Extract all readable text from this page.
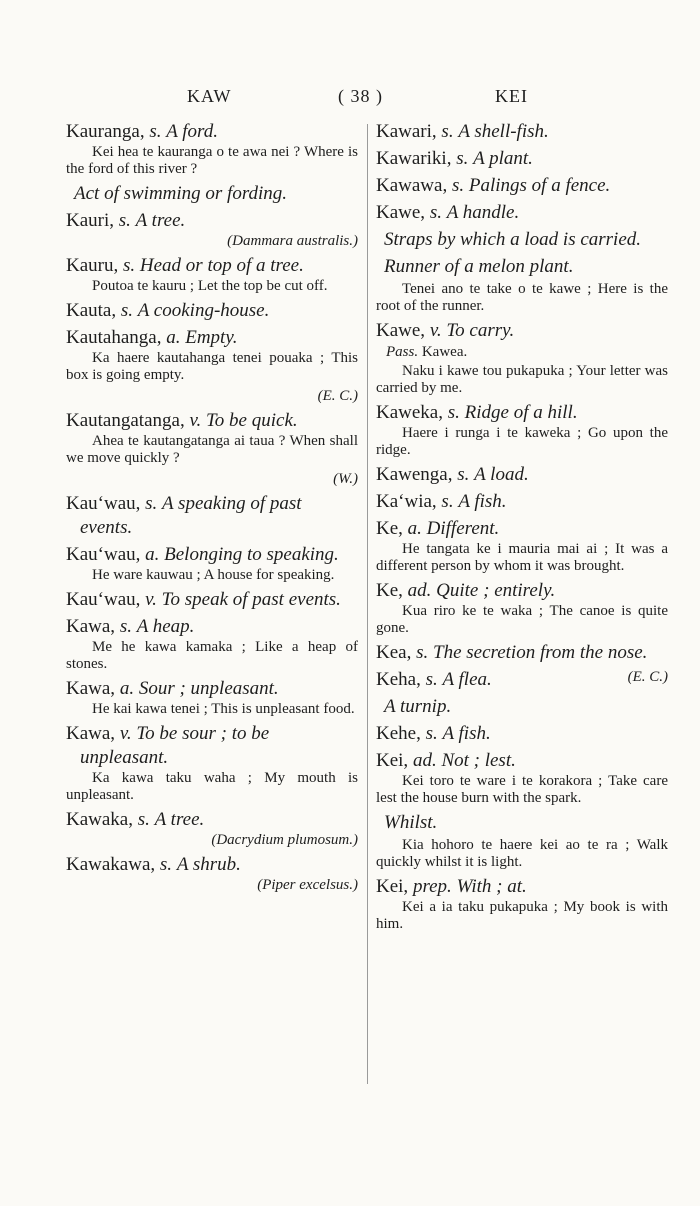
KAW	( 38 )	KEI

Kauranga, s. A ford.

Kei hea te kauranga o te awa nei ? Where is the ford of this river ?

Act of swimming or fording.

Kauri, s. A tree.

(Dammara australis.)

Kauru, s. Head or top of a tree.

Poutoa te kauru ; Let the top be cut off.

Kauta, s. A cooking-house.

Kautahanga, a. Empty.

Ka haere kautahanga tenei pouaka ; This box is going empty.

(E. C.)

Kautangatanga, v. To be quick.

Ahea te kautangatanga ai taua ? When shall we move quickly ?

(W.)

Kau‘wau, s. A speaking of past events.

Kau‘wau, a. Belonging to speaking.

He ware kauwau ; A house for speaking.

Kau‘wau, v. To speak of past events.

Kawa, s. A heap.

Me he kawa kamaka ; Like a heap of stones.

Kawa, a. Sour ; unpleasant.

He kai kawa tenei ; This is unpleasant food.

Kawa, v. To be sour ; to be unpleasant.

Ka kawa taku waha ; My mouth is unpleasant.

Kawaka, s. A tree.

(Dacrydium plumosum.)

Kawakawa, s. A shrub.

(Piper excelsus.)

Kawari, s. A shell-fish.

Kawariki, s. A plant.

Kawawa, s. Palings of a fence.

Kawe, s. A handle.

Straps by which a load is carried.

Runner of a melon plant.

Tenei ano te take o te kawe ; Here is the root of the runner.

Kawe, v. To carry.

Pass. Kawea.

Naku i kawe tou pukapuka ; Your letter was carried by me.

Kaweka, s. Ridge of a hill.

Haere i runga i te kaweka ; Go upon the ridge.

Kawenga, s. A load.

Ka‘wia, s. A fish.

Ke, a. Different.

He tangata ke i mauria mai ai ; It was a different person by whom it was brought.

Ke, ad. Quite ; entirely.

Kua riro ke te waka ; The canoe is quite gone.

Kea, s. The secretion from the nose.
(E. C.)

Keha, s. A flea.

A turnip.

Kehe, s. A fish.

Kei, ad. Not ; lest.

Kei toro te ware i te korakora ; Take care lest the house burn with the spark.

Whilst.

Kia hohoro te haere kei ao te ra ; Walk quickly whilst it is light.

Kei, prep. With ; at.

Kei a ia taku pukapuka ; My book is with him.
